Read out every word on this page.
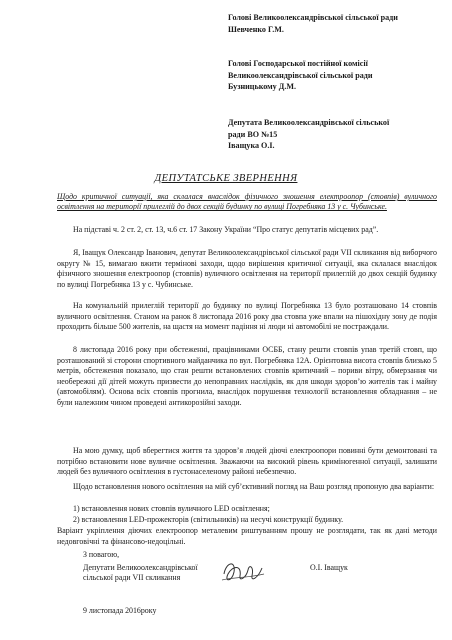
Голові Великоолександрівської сільської ради
Шевченко Г.М.
Голові Господарської постійної комісії
Великоолександрівської сільської ради
Бузницькому Д.М.
Депутата Великоолександрівської сільської
ради ВО №15
Іващука О.І.
ДЕПУТАТСЬКЕ ЗВЕРНЕННЯ
Щодо критичної ситуації, яка склалася внаслідок фізичного зношення електроопор (стовпів) вуличного освітлення на території прилеглій до двох секцій будинку по вулиці Погребняка 13 у с. Чубинське.

На підставі ч. 2 ст. 2, ст. 13, ч.6 ст. 17 Закону України “Про статус депутатів місцевих рад”.

Я, Іващук Олександр Іванович, депутат Великоолександрівської сільської ради VII скликання від виборчого округу № 15, вимагаю вжити термінові заходи, щодо вирішення критичної ситуації, яка склалася внаслідок фізичного зношення електроопор (стовпів) вуличного освітлення на території прилеглій до двох секцій будинку по вулиці Погребняка 13 у с. Чубинське.

На комунальній прилеглій території до будинку по вулиці Погребняка 13 було розташовано 14 стовпів вуличного освітлення. Станом на ранок 8 листопада 2016 року два стовпа уже впали на пішохідну зону де подія проходить більше 500 жителів, на щастя на момент падіння ні люди ні автомобілі не постраждали.

8 листопада 2016 року при обстеженні, працівниками ОСББ, стану решти стовпів упав третій стовп, що розташований зі сторони спортивного майданчика по вул. Погребняка 12А. Орієнтовна висота стовпів близько 5 метрів, обстеження показало, що стан решти встановлених стовпів критичний – пориви вітру, обмерзання чи необережні дії дітей можуть призвести до непоправних наслідків, як для шкоди здоров’ю жителів так і майну (автомобілям). Основа всіх стовпів прогнила, внаслідок порушення технології встановлення обладнання – не були належним чином проведені антикорозійні заходи.

На мою думку, щоб вберегтися життя та здоров’я людей діючі електроопори повинні бути демонтовані та потрібно встановити нове вуличне освітлення. Зважаючи на високий рівень криміногенної ситуації, залишати людей без вуличного освітлення в густонаселеному районі небезпечно.

Щодо встановлення нового освітлення на мій суб’єктивний погляд на Ваш розгляд пропоную два варіанти:

1) встановлення нових стовпів вуличного LED освітлення;
2) встановлення LED-прожекторів (світильників) на несучі конструкції будинку.

Варіант укріплення діючих електроопор металевим риштуванням прошу не розглядати, так як дані методи недовговічні та фінансово-недоцільні.

З повагою,
Депутати Великоолександрівської
сільської ради VII скликання
О.І. Іващук
9 листопада 2016року
